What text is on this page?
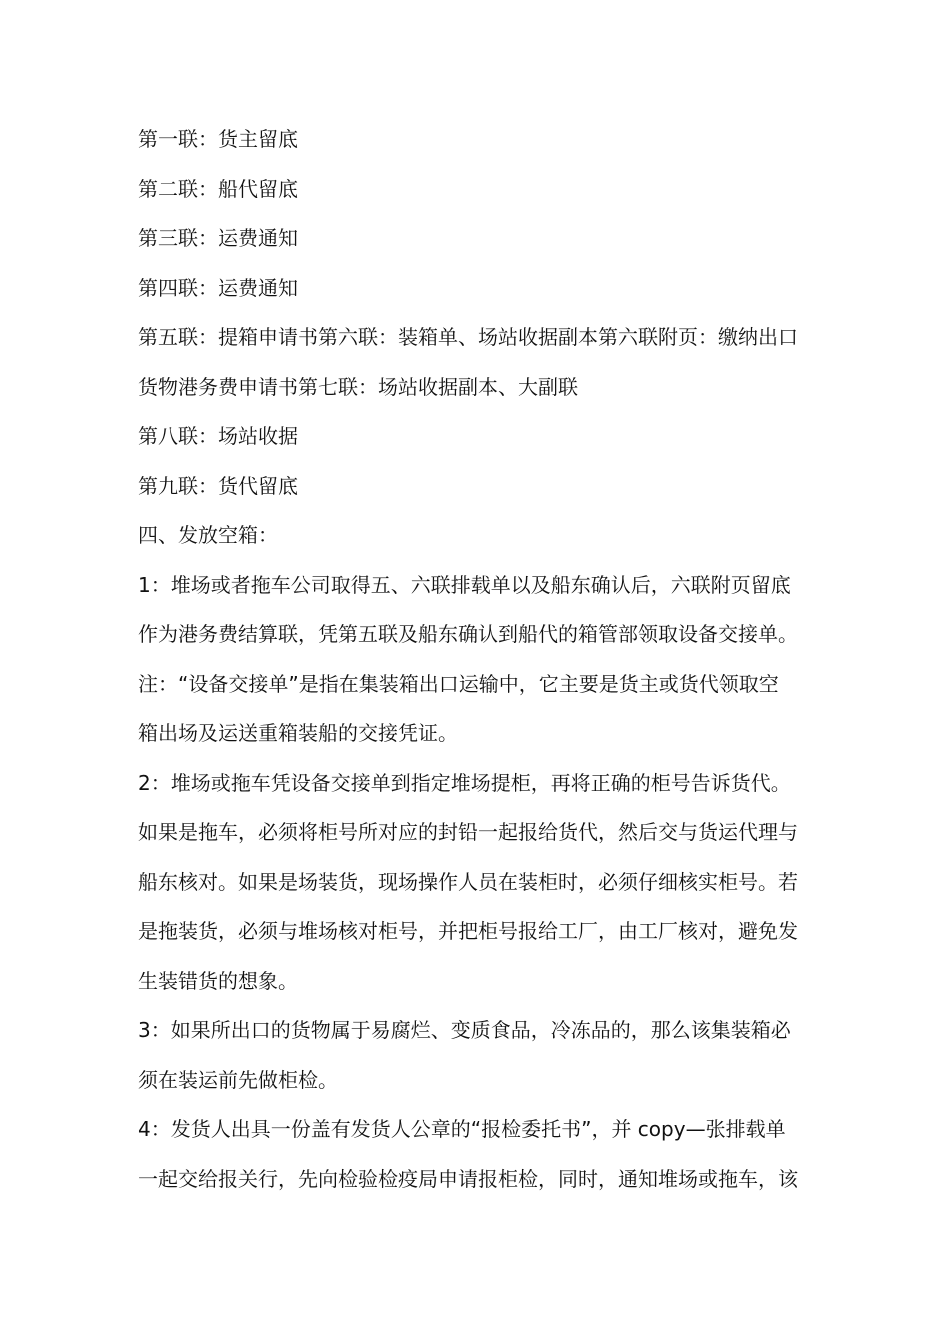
第一联：货主留底
第二联：船代留底
第三联：运费通知
第四联：运费通知
第五联：提箱申请书第六联：装箱单、场站收据副本第六联附页：缴纳出口
货物港务费申请书第七联：场站收据副本、大副联
第八联：场站收据
第九联：货代留底
四、发放空箱：
1：堆场或者拖车公司取得五、六联排载单以及船东确认后，六联附页留底
作为港务费结算联，凭第五联及船东确认到船代的箱管部领取设备交接单。
注：“设备交接单”是指在集装箱出口运输中，它主要是货主或货代领取空
箱出场及运送重箱装船的交接凭证。
2：堆场或拖车凭设备交接单到指定堆场提柜，再将正确的柜号告诉货代。
如果是拖车，必须将柜号所对应的封铅一起报给货代，然后交与货运代理与
船东核对。如果是场装货，现场操作人员在装柜时，必须仔细核实柜号。若
是拖装货，必须与堆场核对柜号，并把柜号报给工厂，由工厂核对，避免发
生装错货的想象。
3：如果所出口的货物属于易腐烂、变质食品，冷冻品的，那么该集装箱必
须在装运前先做柜检。
4：发货人出具一份盖有发货人公章的“报检委托书”，并 copy—张排载单
一起交给报关行，先向检验检疫局申请报柜检，同时，通知堆场或拖车，该
